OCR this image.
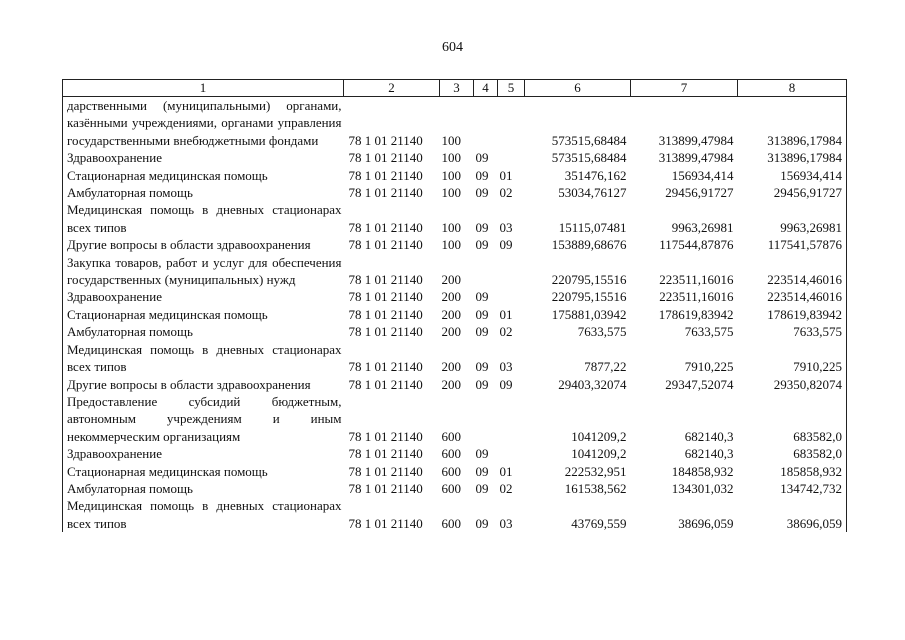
604
1	2	3	4	5	6	7	8
дарственными (муниципальными) органами, казёнными учреждениями, органами управления государственными внебюджетными фондами	78 1 01 21140	100			573515,68484	313899,47984	313896,17984
Здравоохранение	78 1 01 21140	100	09		573515,68484	313899,47984	313896,17984
Стационарная медицинская помощь	78 1 01 21140	100	09	01	351476,162	156934,414	156934,414
Амбулаторная помощь	78 1 01 21140	100	09	02	53034,76127	29456,91727	29456,91727
Медицинская помощь в дневных стационарах всех типов	78 1 01 21140	100	09	03	15115,07481	9963,26981	9963,26981
Другие вопросы в области здравоохранения	78 1 01 21140	100	09	09	153889,68676	117544,87876	117541,57876
Закупка товаров, работ и услуг для обеспечения государственных (муниципальных) нужд	78 1 01 21140	200			220795,15516	223511,16016	223514,46016
Здравоохранение	78 1 01 21140	200	09		220795,15516	223511,16016	223514,46016
Стационарная медицинская помощь	78 1 01 21140	200	09	01	175881,03942	178619,83942	178619,83942
Амбулаторная помощь	78 1 01 21140	200	09	02	7633,575	7633,575	7633,575
Медицинская помощь в дневных стационарах всех типов	78 1 01 21140	200	09	03	7877,22	7910,225	7910,225
Другие вопросы в области здравоохранения	78 1 01 21140	200	09	09	29403,32074	29347,52074	29350,82074
Предоставление субсидий бюджетным, автономным учреждениям и иным некоммерческим организациям	78 1 01 21140	600			1041209,2	682140,3	683582,0
Здравоохранение	78 1 01 21140	600	09		1041209,2	682140,3	683582,0
Стационарная медицинская помощь	78 1 01 21140	600	09	01	222532,951	184858,932	185858,932
Амбулаторная помощь	78 1 01 21140	600	09	02	161538,562	134301,032	134742,732
Медицинская помощь в дневных стационарах всех типов	78 1 01 21140	600	09	03	43769,559	38696,059	38696,059
